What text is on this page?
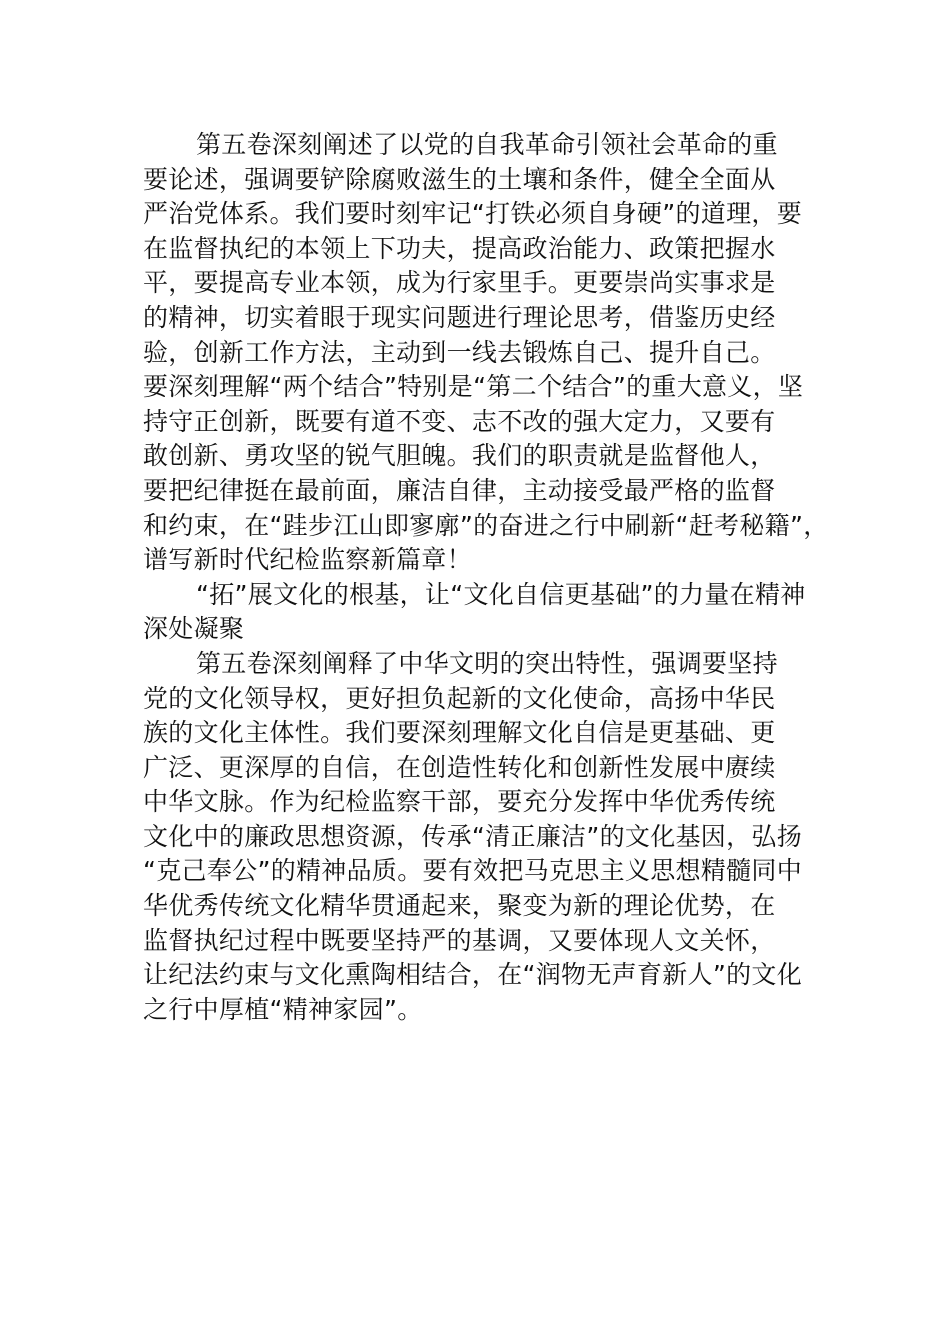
第五卷深刻阐述了以党的自我革命引领社会革命的重
要论述，强调要铲除腐败滋生的土壤和条件，健全全面从
严治党体系。我们要时刻牢记“打铁必须自身硬”的道理，要
在监督执纪的本领上下功夫，提高政治能力、政策把握水
平，要提高专业本领，成为行家里手。更要崇尚实事求是
的精神，切实着眼于现实问题进行理论思考，借鉴历史经
验，创新工作方法，主动到一线去锻炼自己、提升自己。
要深刻理解“两个结合”特别是“第二个结合”的重大意义，坚
持守正创新，既要有道不变、志不改的强大定力，又要有
敢创新、勇攻坚的锐气胆魄。我们的职责就是监督他人，
要把纪律挺在最前面，廉洁自律，主动接受最严格的监督
和约束，在“跬步江山即寥廓”的奋进之行中刷新“赶考秘籍”，
谱写新时代纪检监察新篇章！
“拓”展文化的根基，让“文化自信更基础”的力量在精神
深处凝聚
第五卷深刻阐释了中华文明的突出特性，强调要坚持
党的文化领导权，更好担负起新的文化使命，高扬中华民
族的文化主体性。我们要深刻理解文化自信是更基础、更
广泛、更深厚的自信，在创造性转化和创新性发展中赓续
中华文脉。作为纪检监察干部，要充分发挥中华优秀传统
文化中的廉政思想资源，传承“清正廉洁”的文化基因，弘扬
“克己奉公”的精神品质。要有效把马克思主义思想精髓同中
华优秀传统文化精华贯通起来，聚变为新的理论优势，在
监督执纪过程中既要坚持严的基调，又要体现人文关怀，
让纪法约束与文化熏陶相结合，在“润物无声育新人”的文化
之行中厚植“精神家园”。
